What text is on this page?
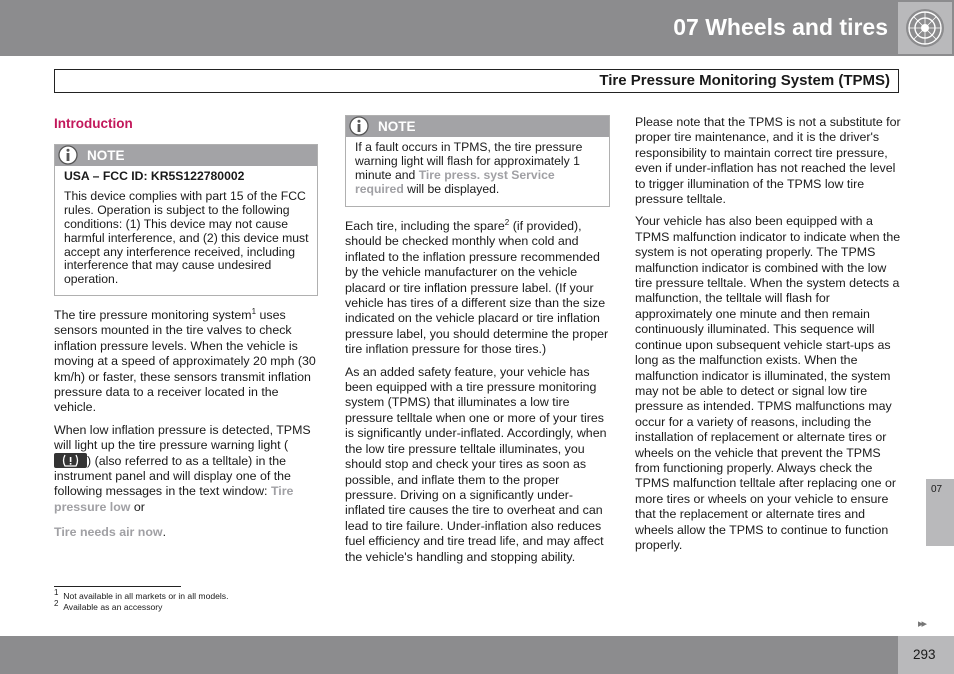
07 Wheels and tires
Tire Pressure Monitoring System (TPMS)
Introduction
NOTE
USA – FCC ID: KR5S122780002
This device complies with part 15 of the FCC rules. Operation is subject to the following conditions: (1) This device may not cause harmful interference, and (2) this device must accept any interference received, including interference that may cause undesired operation.

The tire pressure monitoring system$^1$ uses sensors mounted in the tire valves to check inflation pressure levels. When the vehicle is moving at a speed of approximately 20 mph (30 km/h) or faster, these sensors transmit inflation pressure data to a receiver located in the vehicle.

When low inflation pressure is detected, TPMS will light up the tire pressure warning light () (also referred to as a telltale) in the instrument panel and will display one of the following messages in the text window: Tire pressure low or

Tire needs air now.

NOTE
If a fault occurs in TPMS, the tire pressure warning light will flash for approximately 1 minute and Tire press. syst Service required will be displayed.

Each tire, including the spare$^2$ (if provided), should be checked monthly when cold and inflated to the inflation pressure recommended by the vehicle manufacturer on the vehicle placard or tire inflation pressure label. (If your vehicle has tires of a different size than the size indicated on the vehicle placard or tire inflation pressure label, you should determine the proper tire inflation pressure for those tires.)

As an added safety feature, your vehicle has been equipped with a tire pressure monitoring system (TPMS) that illuminates a low tire pressure telltale when one or more of your tires is significantly under-inflated. Accordingly, when the low tire pressure telltale illuminates, you should stop and check your tires as soon as possible, and inflate them to the proper pressure. Driving on a significantly under-inflated tire causes the tire to overheat and can lead to tire failure. Under-inflation also reduces fuel efficiency and tire tread life, and may affect the vehicle's handling and stopping ability.

Please note that the TPMS is not a substitute for proper tire maintenance, and it is the driver's responsibility to maintain correct tire pressure, even if under-inflation has not reached the level to trigger illumination of the TPMS low tire pressure telltale.

Your vehicle has also been equipped with a TPMS malfunction indicator to indicate when the system is not operating properly. The TPMS malfunction indicator is combined with the low tire pressure telltale. When the system detects a malfunction, the telltale will flash for approximately one minute and then remain continuously illuminated. This sequence will continue upon subsequent vehicle start-ups as long as the malfunction exists. When the malfunction indicator is illuminated, the system may not be able to detect or signal low tire pressure as intended. TPMS malfunctions may occur for a variety of reasons, including the installation of replacement or alternate tires or wheels on the vehicle that prevent the TPMS from functioning properly. Always check the TPMS malfunction telltale after replacing one or more tires or wheels on your vehicle to ensure that the replacement or alternate tires and wheels allow the TPMS to continue to function properly.

$^1$ Not available in all markets or in all models.
$^2$ Available as an accessory
07
▸▸
293
